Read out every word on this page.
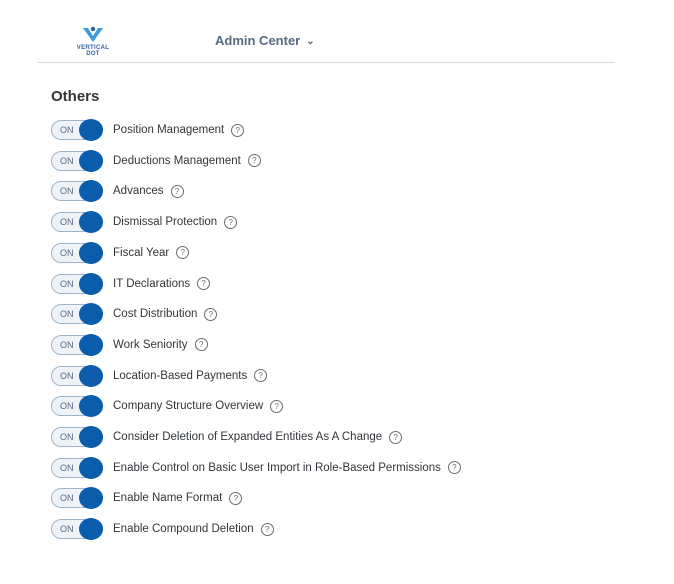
VERTICAL
DOT
Admin Center ⌄
Others
ON	Position Management	?
ON	Deductions Management	?
ON	Advances	?
ON	Dismissal Protection	?
ON	Fiscal Year	?
ON	IT Declarations	?
ON	Cost Distribution	?
ON	Work Seniority	?
ON	Location-Based Payments	?
ON	Company Structure Overview	?
ON	Consider Deletion of Expanded Entities As A Change	?
ON	Enable Control on Basic User Import in Role-Based Permissions	?
ON	Enable Name Format	?
ON	Enable Compound Deletion	?
